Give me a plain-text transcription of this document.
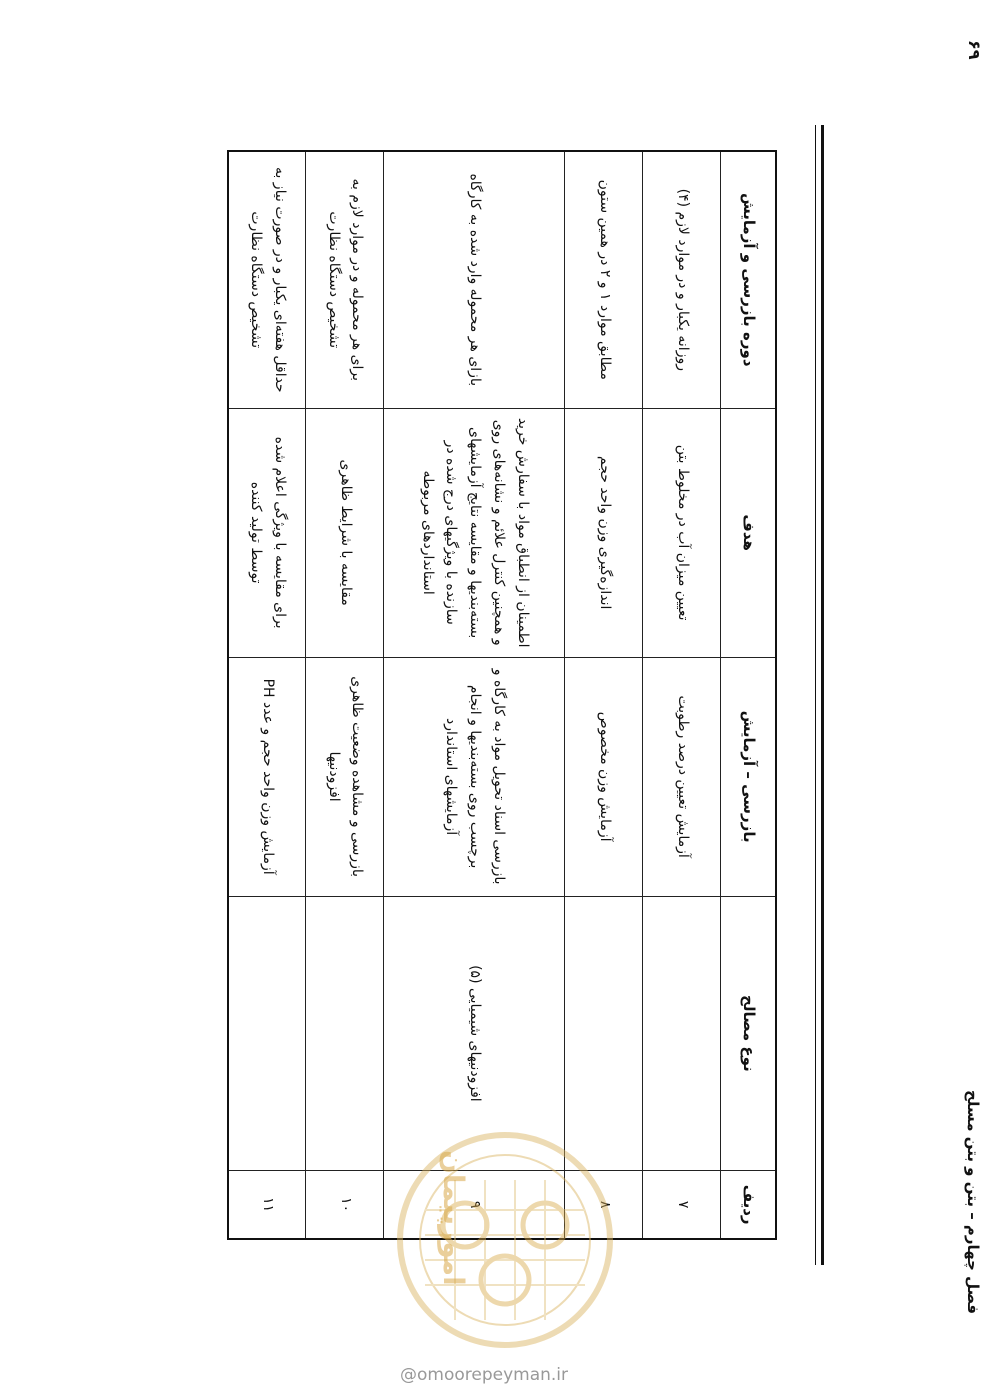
فصل چهارم – بتن و بتن مسلح
۶۹
ردیف	نوع مصالح	بازرسی – آزمایش	هدف	دوره بازرسی و آزمایش
۷		آزمایش تعیین درصد رطوبت	تعیین میزان آب در مخلوط بتن	روزانه یکبار و در موارد لازم (۴)
۸		آزمایش وزن مخصوص	اندازه‌گیری وزن واحد حجم	مطابق موارد ۱ و ۲ در همین ستون
۹	افزودنیهای شیمیایی (۵)	بازرسی اسناد تحویل مواد به کارگاه و برچسب روی بسته‌بندیها و انجام آزمایشهای استاندارد	اطمینان از انطباق مواد با سفارش خرید و همچنین کنترل علائم و نشانه‌های روی بسته‌بندیها و مقایسه نتایج آزمایشهای سازنده با ویژگیهای درج شده در استانداردهای مربوطه	بازای هر محموله وارد شده به کارگاه
۱۰		بازرسی و مشاهده وضعیت ظاهری افزودنیها	مقایسه با شرایط ظاهری	برای هر محموله و در موارد لازم به تشخیص دستگاه نظارت
۱۱		آزمایش وزن واحد حجم و عدد PH	برای مقایسه با ویژگی اعلام شده توسط تولید کننده	حداقل هفته‌ای یکبار و در صورت نیاز به تشخیص دستگاه نظارت
امورپیمان
@omoorepeyman.ir
